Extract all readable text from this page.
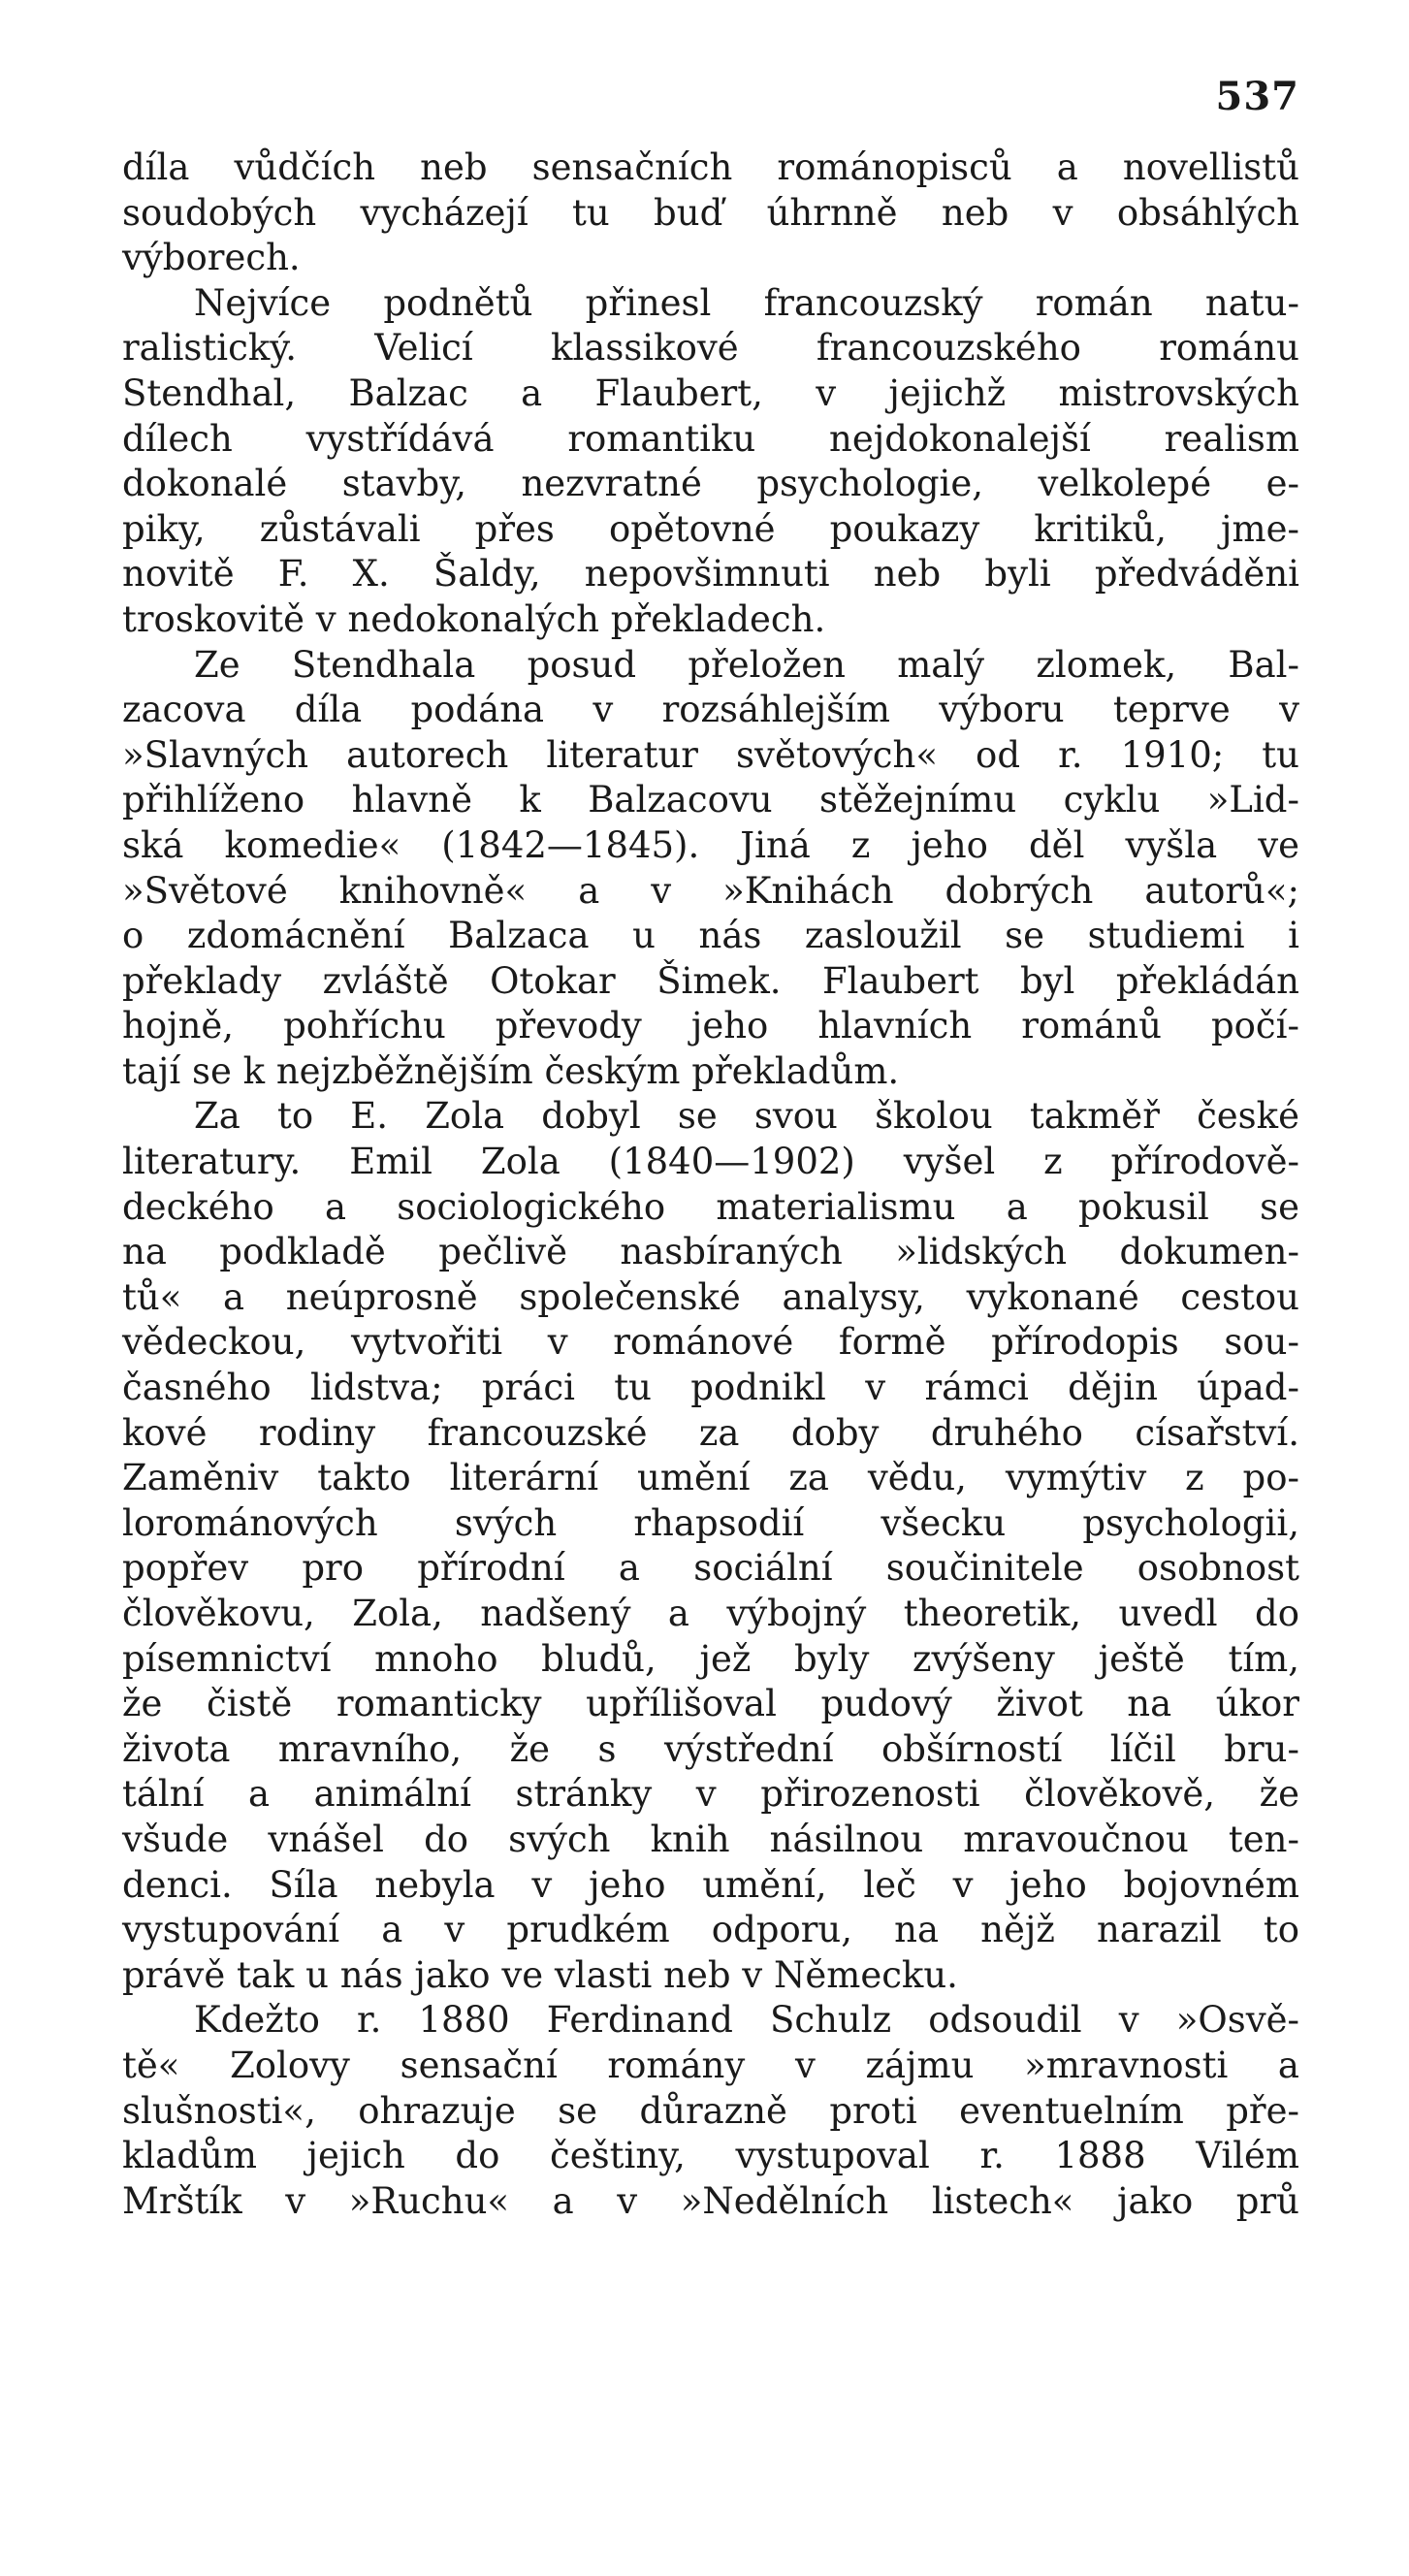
537

díla vůdčích neb sensačních románopisců a novellistů
soudobých vycházejí tu buď úhrnně neb v obsáhlých
výborech.

Nejvíce podnětů přinesl francouzský román natu-
ralistický. Velicí klassikové francouzského románu
Stendhal, Balzac a Flaubert, v jejichž mistrovských
dílech vystřídává romantiku nejdokonalejší realism
dokonalé stavby, nezvratné psychologie, velkolepé e-
piky, zůstávali přes opětovné poukazy kritiků, jme-
novitě F. X. Šaldy, nepovšimnuti neb byli předváděni
troskovitě v nedokonalých překladech.

Ze Stendhala posud přeložen malý zlomek, Bal-
zacova díla podána v rozsáhlejším výboru teprve v
»Slavných autorech literatur světových« od r. 1910; tu
přihlíženo hlavně k Balzacovu stěžejnímu cyklu »Lid-
ská komedie« (1842—1845). Jiná z jeho děl vyšla ve
»Světové knihovně« a v »Knihách dobrých autorů«;
o zdomácnění Balzaca u nás zasloužil se studiemi i
překlady zvláště Otokar Šimek. Flaubert byl překládán
hojně, pohříchu převody jeho hlavních románů počí-
tají se k nejzběžnějším českým překladům.

Za to E. Zola dobyl se svou školou takměř české
literatury. Emil Zola (1840—1902) vyšel z přírodově-
deckého a sociologického materialismu a pokusil se
na podkladě pečlivě nasbíraných »lidských dokumen-
tů« a neúprosně společenské analysy, vykonané cestou
vědeckou, vytvořiti v románové formě přírodopis sou-
časného lidstva; práci tu podnikl v rámci dějin úpad-
kové rodiny francouzské za doby druhého císařství.
Zaměniv takto literární umění za vědu, vymýtiv z po-
lorománových svých rhapsodií všecku psychologii,
popřev pro přírodní a sociální součinitele osobnost
člověkovu, Zola, nadšený a výbojný theoretik, uvedl do
písemnictví mnoho bludů, jež byly zvýšeny ještě tím,
že čistě romanticky upřílišoval pudový život na úkor
života mravního, že s výstřední obšírností líčil bru-
tální a animální stránky v přirozenosti člověkově, že
všude vnášel do svých knih násilnou mravoučnou ten-
denci. Síla nebyla v jeho umění, leč v jeho bojovném
vystupování a v prudkém odporu, na nějž narazil to
právě tak u nás jako ve vlasti neb v Německu.

Kdežto r. 1880 Ferdinand Schulz odsoudil v »Osvě-
tě« Zolovy sensační romány v zájmu »mravnosti a
slušnosti«, ohrazuje se důrazně proti eventuelním pře-
kladům jejich do češtiny, vystupoval r. 1888 Vilém
Mrštík v »Ruchu« a v »Nedělních listech« jako prů
